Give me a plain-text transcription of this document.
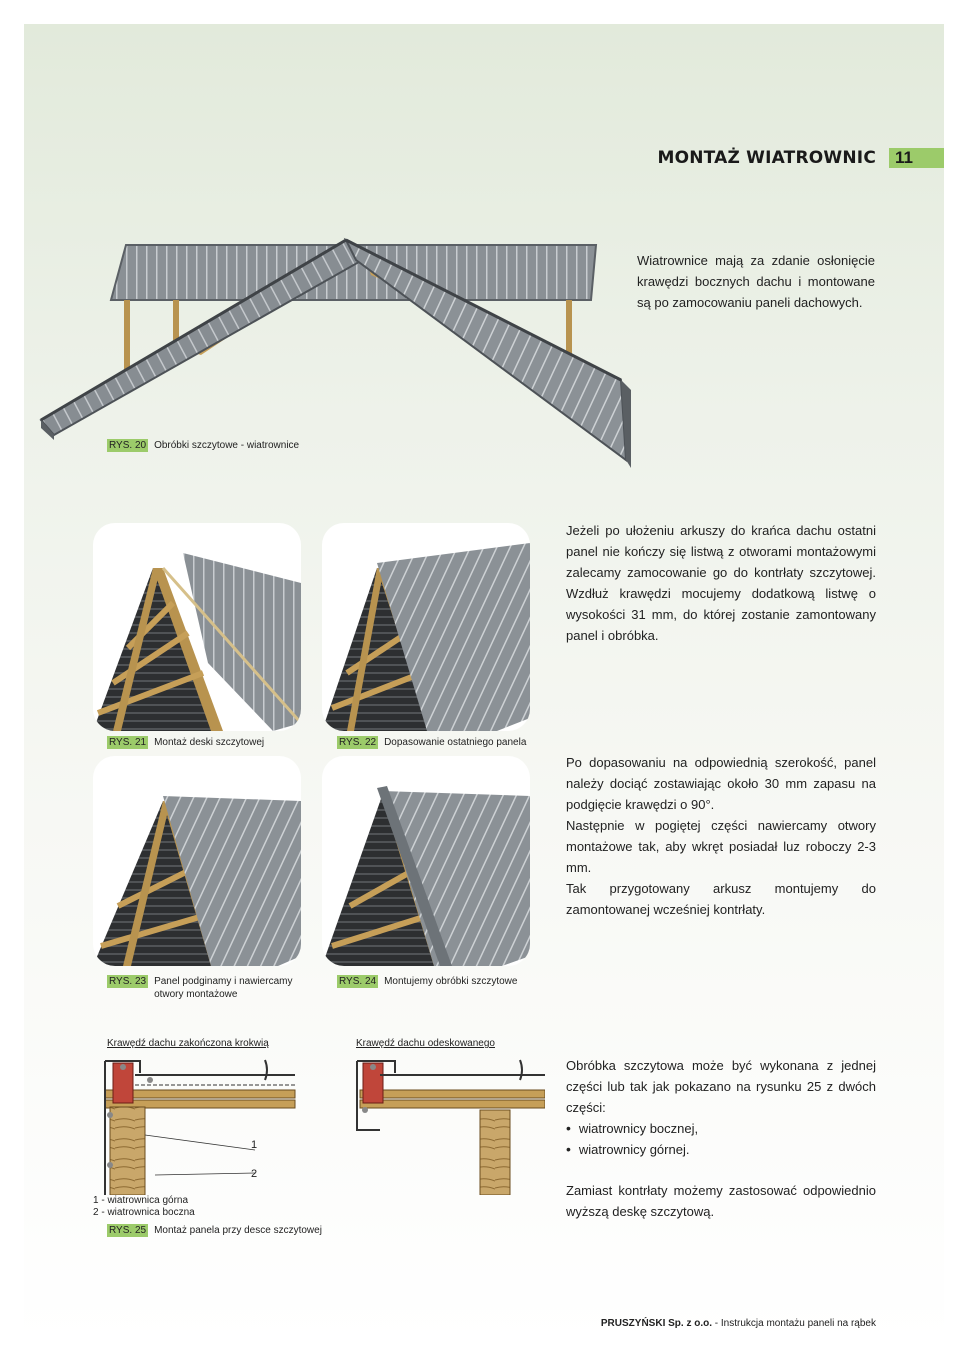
MONTAŻ WIATROWNIC	11
RYS. 20 Obróbki szczytowe - wiatrownice
Wiatrownice mają za zdanie osłonięcie krawędzi bocznych dachu i montowane są po zamocowaniu paneli dachowych.
RYS. 21 Montaż deski szczytowej	RYS. 22 Dopasowanie ostatniego panela
Jeżeli po ułożeniu arkuszy do krańca dachu ostatni panel nie kończy się listwą z otworami montażowymi zalecamy zamocowanie go do kontrłaty szczytowej. Wzdłuż krawędzi mocujemy dodatkową listwę o wysokości 31 mm, do której zostanie zamontowany panel i obróbka.
RYS. 23 Panel podginamy i nawiercamy otwory montażowe
RYS. 24 Montujemy obróbki szczytowe
Po dopasowaniu na odpowiednią szerokość, panel należy dociąć zostawiając około 30 mm zapasu na podgięcie krawędzi o 90°.
Następnie w pogiętej części nawiercamy otwory montażowe tak, aby wkręt posiadał luz roboczy 2-3 mm.
Tak przygotowany arkusz montujemy do zamontowanej wcześniej kontrłaty.
Krawędź dachu zakończona krokwią	Krawędź dachu odeskowanego
1
2
1 - wiatrownica górna
2 - wiatrownica boczna
RYS. 25 Montaż panela przy desce szczytowej
Obróbka szczytowa może być wykonana z jednej części lub tak jak pokazano na rysunku 25 z dwóch części:
• wiatrownicy bocznej,
• wiatrownicy górnej.
Zamiast kontrłaty możemy zastosować odpowiednio wyższą deskę szczytową.
PRUSZYŃSKI Sp. z o.o. - Instrukcja montażu paneli na rąbek
